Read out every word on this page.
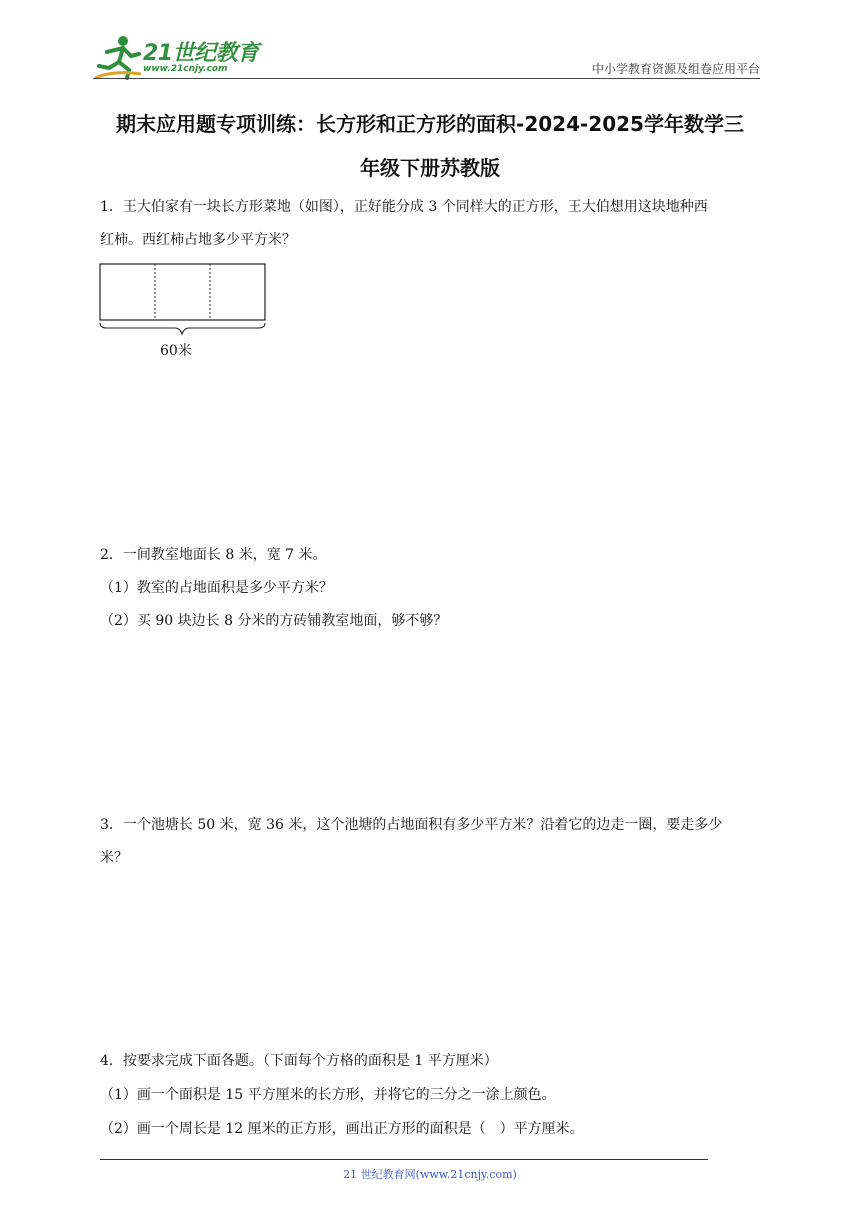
21世纪教育
www.21cnjy.com	中小学教育资源及组卷应用平台
期末应用题专项训练：长方形和正方形的面积-2024-2025学年数学三
年级下册苏教版
1．王大伯家有一块长方形菜地（如图），正好能分成 3 个同样大的正方形，王大伯想用这块地种西
红柿。西红柿占地多少平方米？
60米
2．一间教室地面长 8 米，宽 7 米。
（1）教室的占地面积是多少平方米？
（2）买 90 块边长 8 分米的方砖铺教室地面，够不够？
3．一个池塘长 50 米，宽 36 米，这个池塘的占地面积有多少平方米？沿着它的边走一圈，要走多少
米？
4．按要求完成下面各题。（下面每个方格的面积是 1 平方厘米）
（1）画一个面积是 15 平方厘米的长方形，并将它的三分之一涂上颜色。
（2）画一个周长是 12 厘米的正方形，画出正方形的面积是（　）平方厘米。
21 世纪教育网(www.21cnjy.com)
